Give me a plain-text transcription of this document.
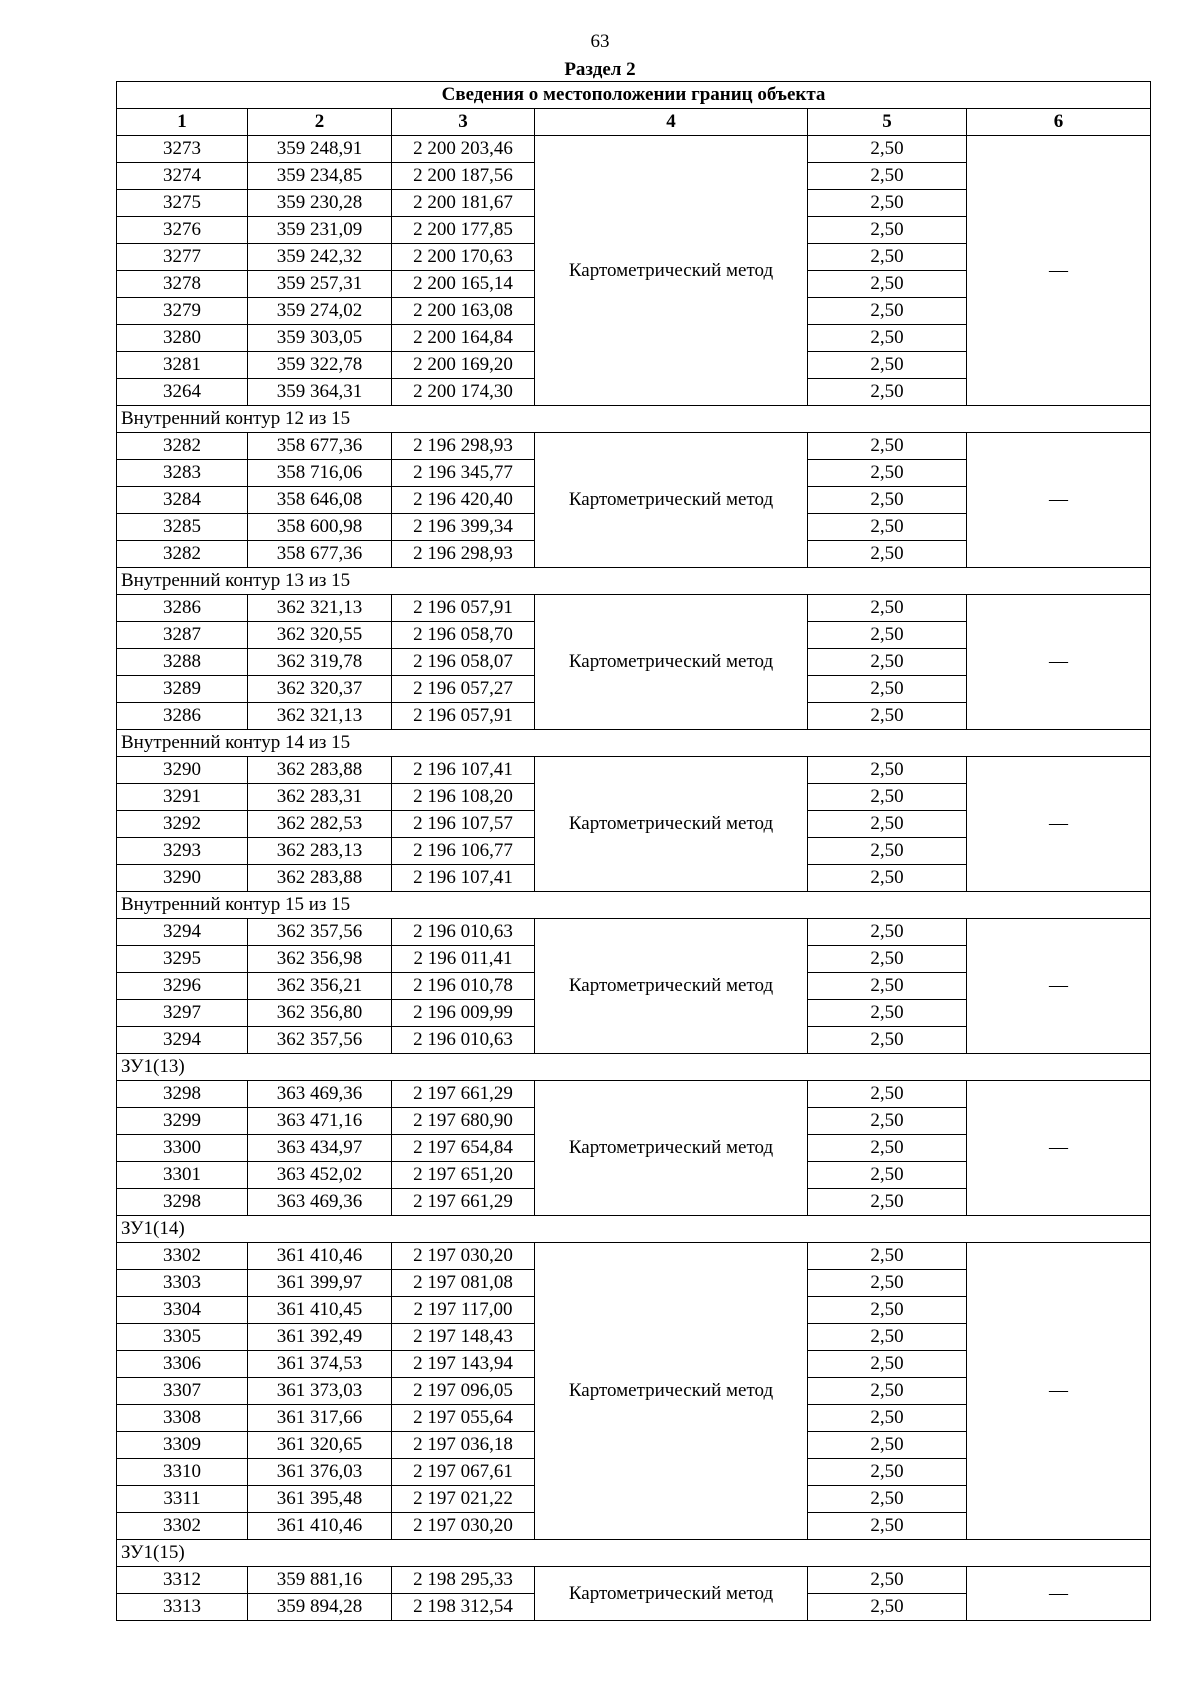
63
Раздел 2
Сведения о местоположении границ объекта					
1	2	3	4	5	6
3273	359 248,91	2 200 203,46	Картометрический метод	2,50	—
3274	359 234,85	2 200 187,56		2,50	
3275	359 230,28	2 200 181,67		2,50	
3276	359 231,09	2 200 177,85		2,50	
3277	359 242,32	2 200 170,63		2,50	
3278	359 257,31	2 200 165,14		2,50	
3279	359 274,02	2 200 163,08		2,50	
3280	359 303,05	2 200 164,84		2,50	
3281	359 322,78	2 200 169,20		2,50	
3264	359 364,31	2 200 174,30		2,50	
Внутренний контур 12 из 15					
3282	358 677,36	2 196 298,93	Картометрический метод	2,50	—
3283	358 716,06	2 196 345,77		2,50	
3284	358 646,08	2 196 420,40		2,50	
3285	358 600,98	2 196 399,34		2,50	
3282	358 677,36	2 196 298,93		2,50	
Внутренний контур 13 из 15					
3286	362 321,13	2 196 057,91	Картометрический метод	2,50	—
3287	362 320,55	2 196 058,70		2,50	
3288	362 319,78	2 196 058,07		2,50	
3289	362 320,37	2 196 057,27		2,50	
3286	362 321,13	2 196 057,91		2,50	
Внутренний контур 14 из 15					
3290	362 283,88	2 196 107,41	Картометрический метод	2,50	—
3291	362 283,31	2 196 108,20		2,50	
3292	362 282,53	2 196 107,57		2,50	
3293	362 283,13	2 196 106,77		2,50	
3290	362 283,88	2 196 107,41		2,50	
Внутренний контур 15 из 15					
3294	362 357,56	2 196 010,63	Картометрический метод	2,50	—
3295	362 356,98	2 196 011,41		2,50	
3296	362 356,21	2 196 010,78		2,50	
3297	362 356,80	2 196 009,99		2,50	
3294	362 357,56	2 196 010,63		2,50	
ЗУ1(13)					
3298	363 469,36	2 197 661,29	Картометрический метод	2,50	—
3299	363 471,16	2 197 680,90		2,50	
3300	363 434,97	2 197 654,84		2,50	
3301	363 452,02	2 197 651,20		2,50	
3298	363 469,36	2 197 661,29		2,50	
ЗУ1(14)					
3302	361 410,46	2 197 030,20	Картометрический метод	2,50	—
3303	361 399,97	2 197 081,08		2,50	
3304	361 410,45	2 197 117,00		2,50	
3305	361 392,49	2 197 148,43		2,50	
3306	361 374,53	2 197 143,94		2,50	
3307	361 373,03	2 197 096,05		2,50	
3308	361 317,66	2 197 055,64		2,50	
3309	361 320,65	2 197 036,18		2,50	
3310	361 376,03	2 197 067,61		2,50	
3311	361 395,48	2 197 021,22		2,50	
3302	361 410,46	2 197 030,20		2,50	
ЗУ1(15)					
3312	359 881,16	2 198 295,33	Картометрический метод	2,50	—
3313	359 894,28	2 198 312,54		2,50	
